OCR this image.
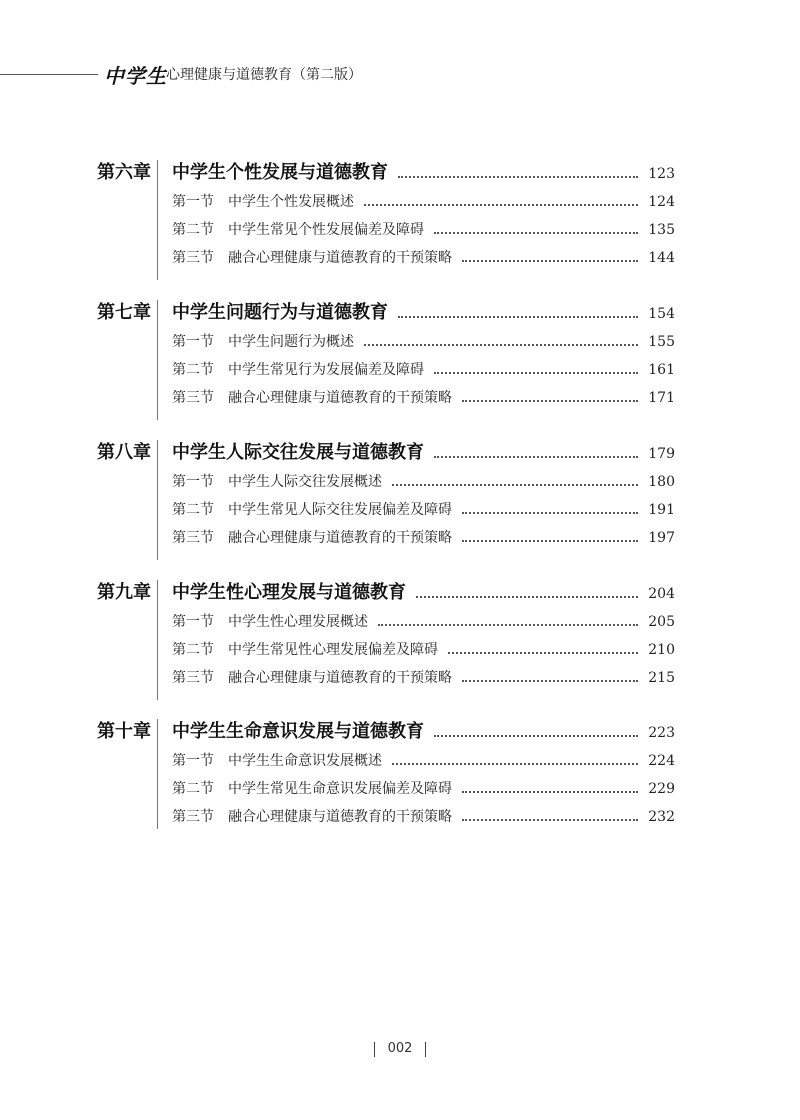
中学生 心理健康与道德教育（第二版）
第六章 中学生个性发展与道德教育	123
第一节	中学生个性发展概述	124
第二节	中学生常见个性发展偏差及障碍	135
第三节	融合心理健康与道德教育的干预策略	144
第七章 中学生问题行为与道德教育	154
第一节	中学生问题行为概述	155
第二节	中学生常见行为发展偏差及障碍	161
第三节	融合心理健康与道德教育的干预策略	171
第八章 中学生人际交往发展与道德教育	179
第一节	中学生人际交往发展概述	180
第二节	中学生常见人际交往发展偏差及障碍	191
第三节	融合心理健康与道德教育的干预策略	197
第九章 中学生性心理发展与道德教育	204
第一节	中学生性心理发展概述	205
第二节	中学生常见性心理发展偏差及障碍	210
第三节	融合心理健康与道德教育的干预策略	215
第十章 中学生生命意识发展与道德教育	223
第一节	中学生生命意识发展概述	224
第二节	中学生常见生命意识发展偏差及障碍	229
第三节	融合心理健康与道德教育的干预策略	232
002
